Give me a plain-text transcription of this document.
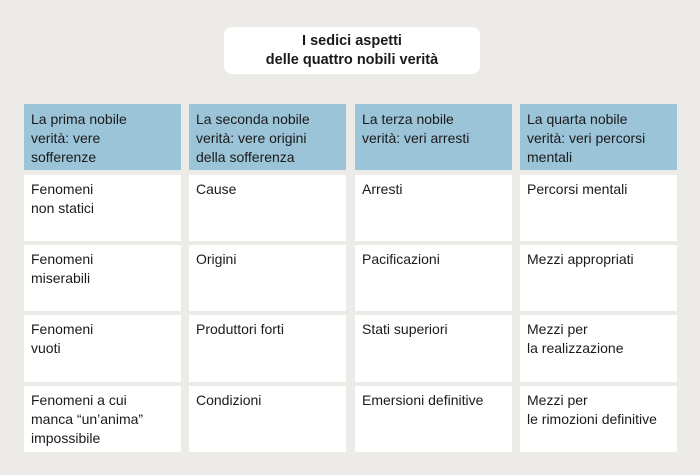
I sedici aspetti
delle quattro nobili verità
La prima nobile
verità: vere
sofferenze
Fenomeni
non statici
Fenomeni
miserabili
Fenomeni
vuoti
Fenomeni a cui
manca “un’anima”
impossibile
La seconda nobile
verità: vere origini
della sofferenza
Cause
Origini
Produttori forti
Condizioni
La terza nobile
verità: veri arresti
Arresti
Pacificazioni
Stati superiori
Emersioni definitive
La quarta nobile
verità: veri percorsi
mentali
Percorsi mentali
Mezzi appropriati
Mezzi per
la realizzazione
Mezzi per
le rimozioni definitive
